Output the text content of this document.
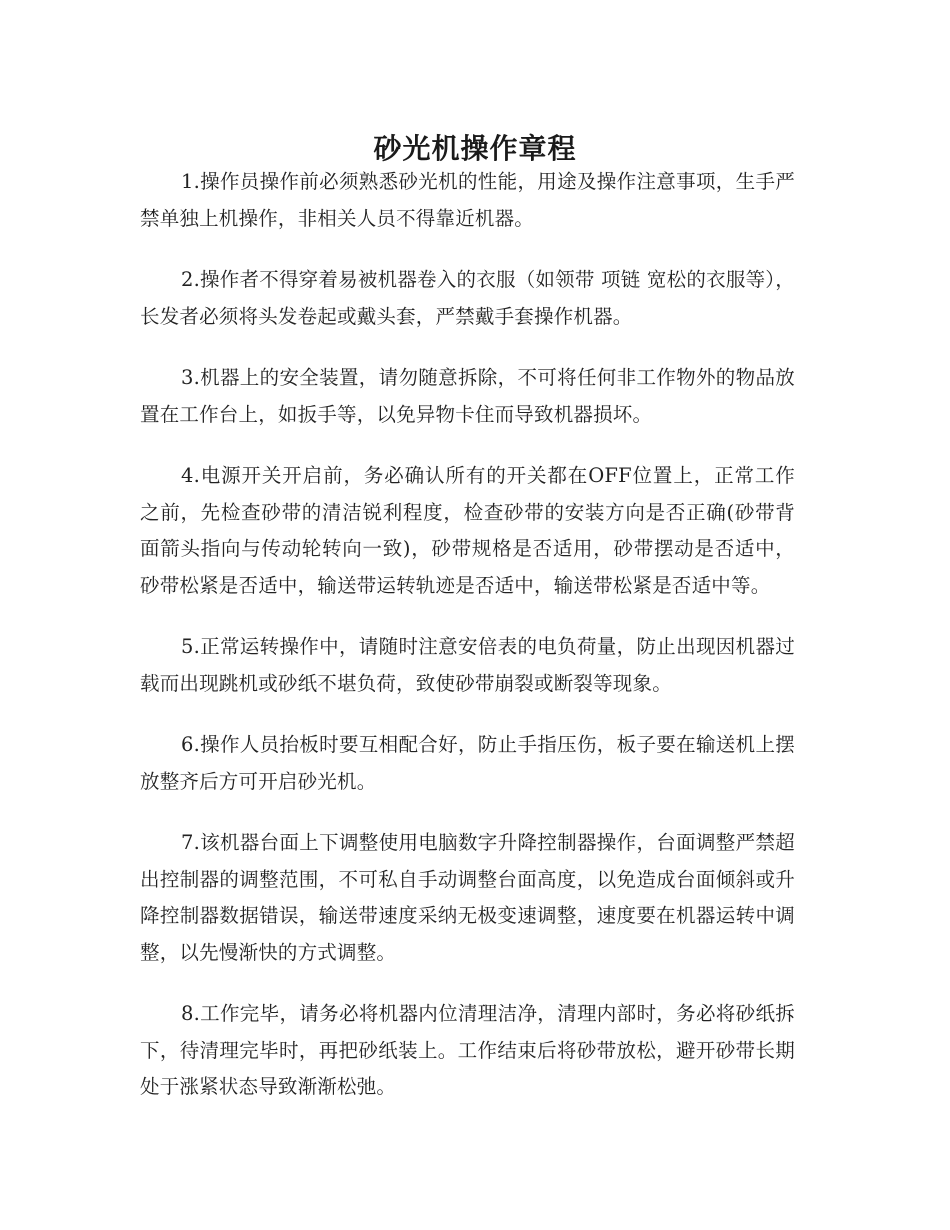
砂光机操作章程

1.操作员操作前必须熟悉砂光机的性能，用途及操作注意事项，生手严禁单独上机操作，非相关人员不得靠近机器。

2.操作者不得穿着易被机器卷入的衣服（如领带 项链 宽松的衣服等），长发者必须将头发卷起或戴头套，严禁戴手套操作机器。

3.机器上的安全装置，请勿随意拆除，不可将任何非工作物外的物品放置在工作台上，如扳手等，以免异物卡住而导致机器损坏。

4.电源开关开启前，务必确认所有的开关都在OFF位置上，正常工作之前，先检查砂带的清洁锐利程度，检查砂带的安装方向是否正确(砂带背面箭头指向与传动轮转向一致)，砂带规格是否适用，砂带摆动是否适中，砂带松紧是否适中，输送带运转轨迹是否适中，输送带松紧是否适中等。

5.正常运转操作中，请随时注意安倍表的电负荷量，防止出现因机器过载而出现跳机或砂纸不堪负荷，致使砂带崩裂或断裂等现象。

6.操作人员抬板时要互相配合好，防止手指压伤，板子要在输送机上摆放整齐后方可开启砂光机。

7.该机器台面上下调整使用电脑数字升降控制器操作，台面调整严禁超出控制器的调整范围，不可私自手动调整台面高度，以免造成台面倾斜或升降控制器数据错误，输送带速度采纳无极变速调整，速度要在机器运转中调整，以先慢渐快的方式调整。

8.工作完毕，请务必将机器内位清理洁净，清理内部时，务必将砂纸拆下，待清理完毕时，再把砂纸装上。工作结束后将砂带放松，避开砂带长期处于涨紧状态导致渐渐松弛。
